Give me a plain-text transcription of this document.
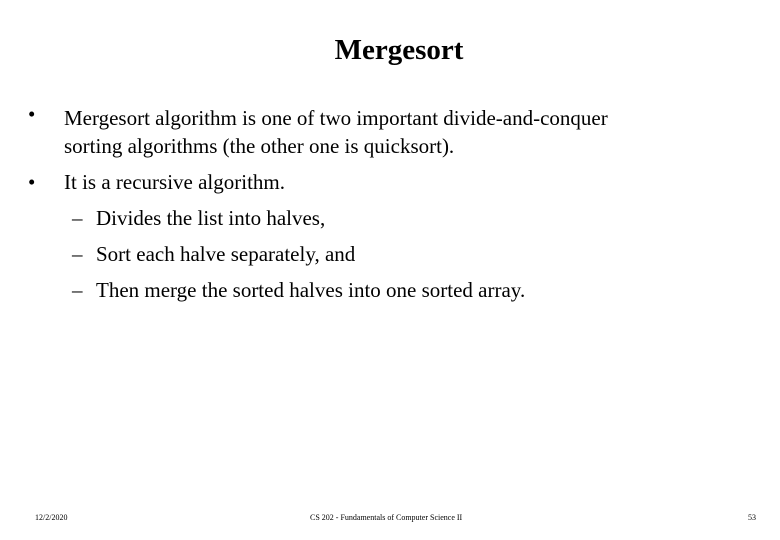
Mergesort
• Mergesort algorithm is one of two important divide-and-conquer
sorting algorithms (the other one is quicksort).
• It is a recursive algorithm.
– Divides the list into halves,
– Sort each halve separately, and
– Then merge the sorted halves into one sorted array.
12/2/2020	CS 202 - Fundamentals of Computer Science II	53
